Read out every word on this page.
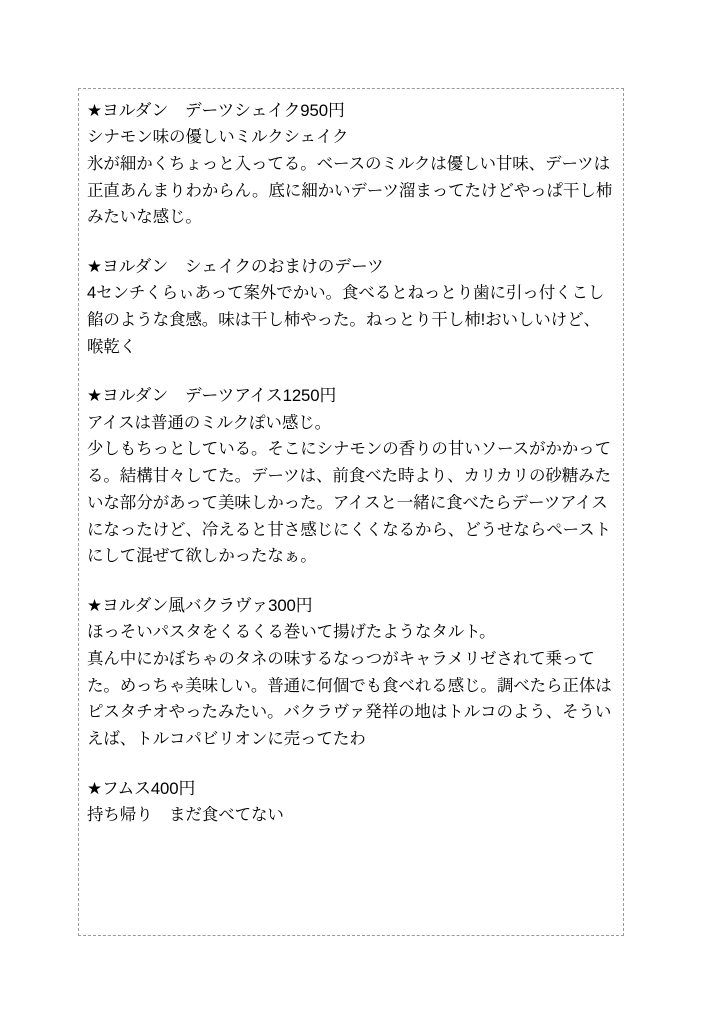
★ヨルダン　デーツシェイク950円

シナモン味の優しいミルクシェイク

氷が細かくちょっと入ってる。ベースのミルクは優しい甘味、デーツは正直あんまりわからん。底に細かいデーツ溜まってたけどやっぱ干し柿みたいな感じ。

★ヨルダン　シェイクのおまけのデーツ

4センチくらぃあって案外でかい。食べるとねっとり歯に引っ付くこし餡のような食感。味は干し柿やった。ねっとり干し柿!おいしいけど、喉乾く

★ヨルダン　デーツアイス1250円

アイスは普通のミルクぽい感じ。

少しもちっとしている。そこにシナモンの香りの甘いソースがかかってる。結構甘々してた。デーツは、前食べた時より、カリカリの砂糖みたいな部分があって美味しかった。アイスと一緒に食べたらデーツアイスになったけど、冷えると甘さ感じにくくなるから、どうせならペーストにして混ぜて欲しかったなぁ。

★ヨルダン風バクラヴァ300円

ほっそいパスタをくるくる巻いて揚げたようなタルト。

真ん中にかぼちゃのタネの味するなっつがキャラメリゼされて乗ってた。めっちゃ美味しい。普通に何個でも食べれる感じ。調べたら正体はピスタチオやったみたい。バクラヴァ発祥の地はトルコのよう、そういえば、トルコパビリオンに売ってたわ

★フムス400円

持ち帰り　まだ食べてない
